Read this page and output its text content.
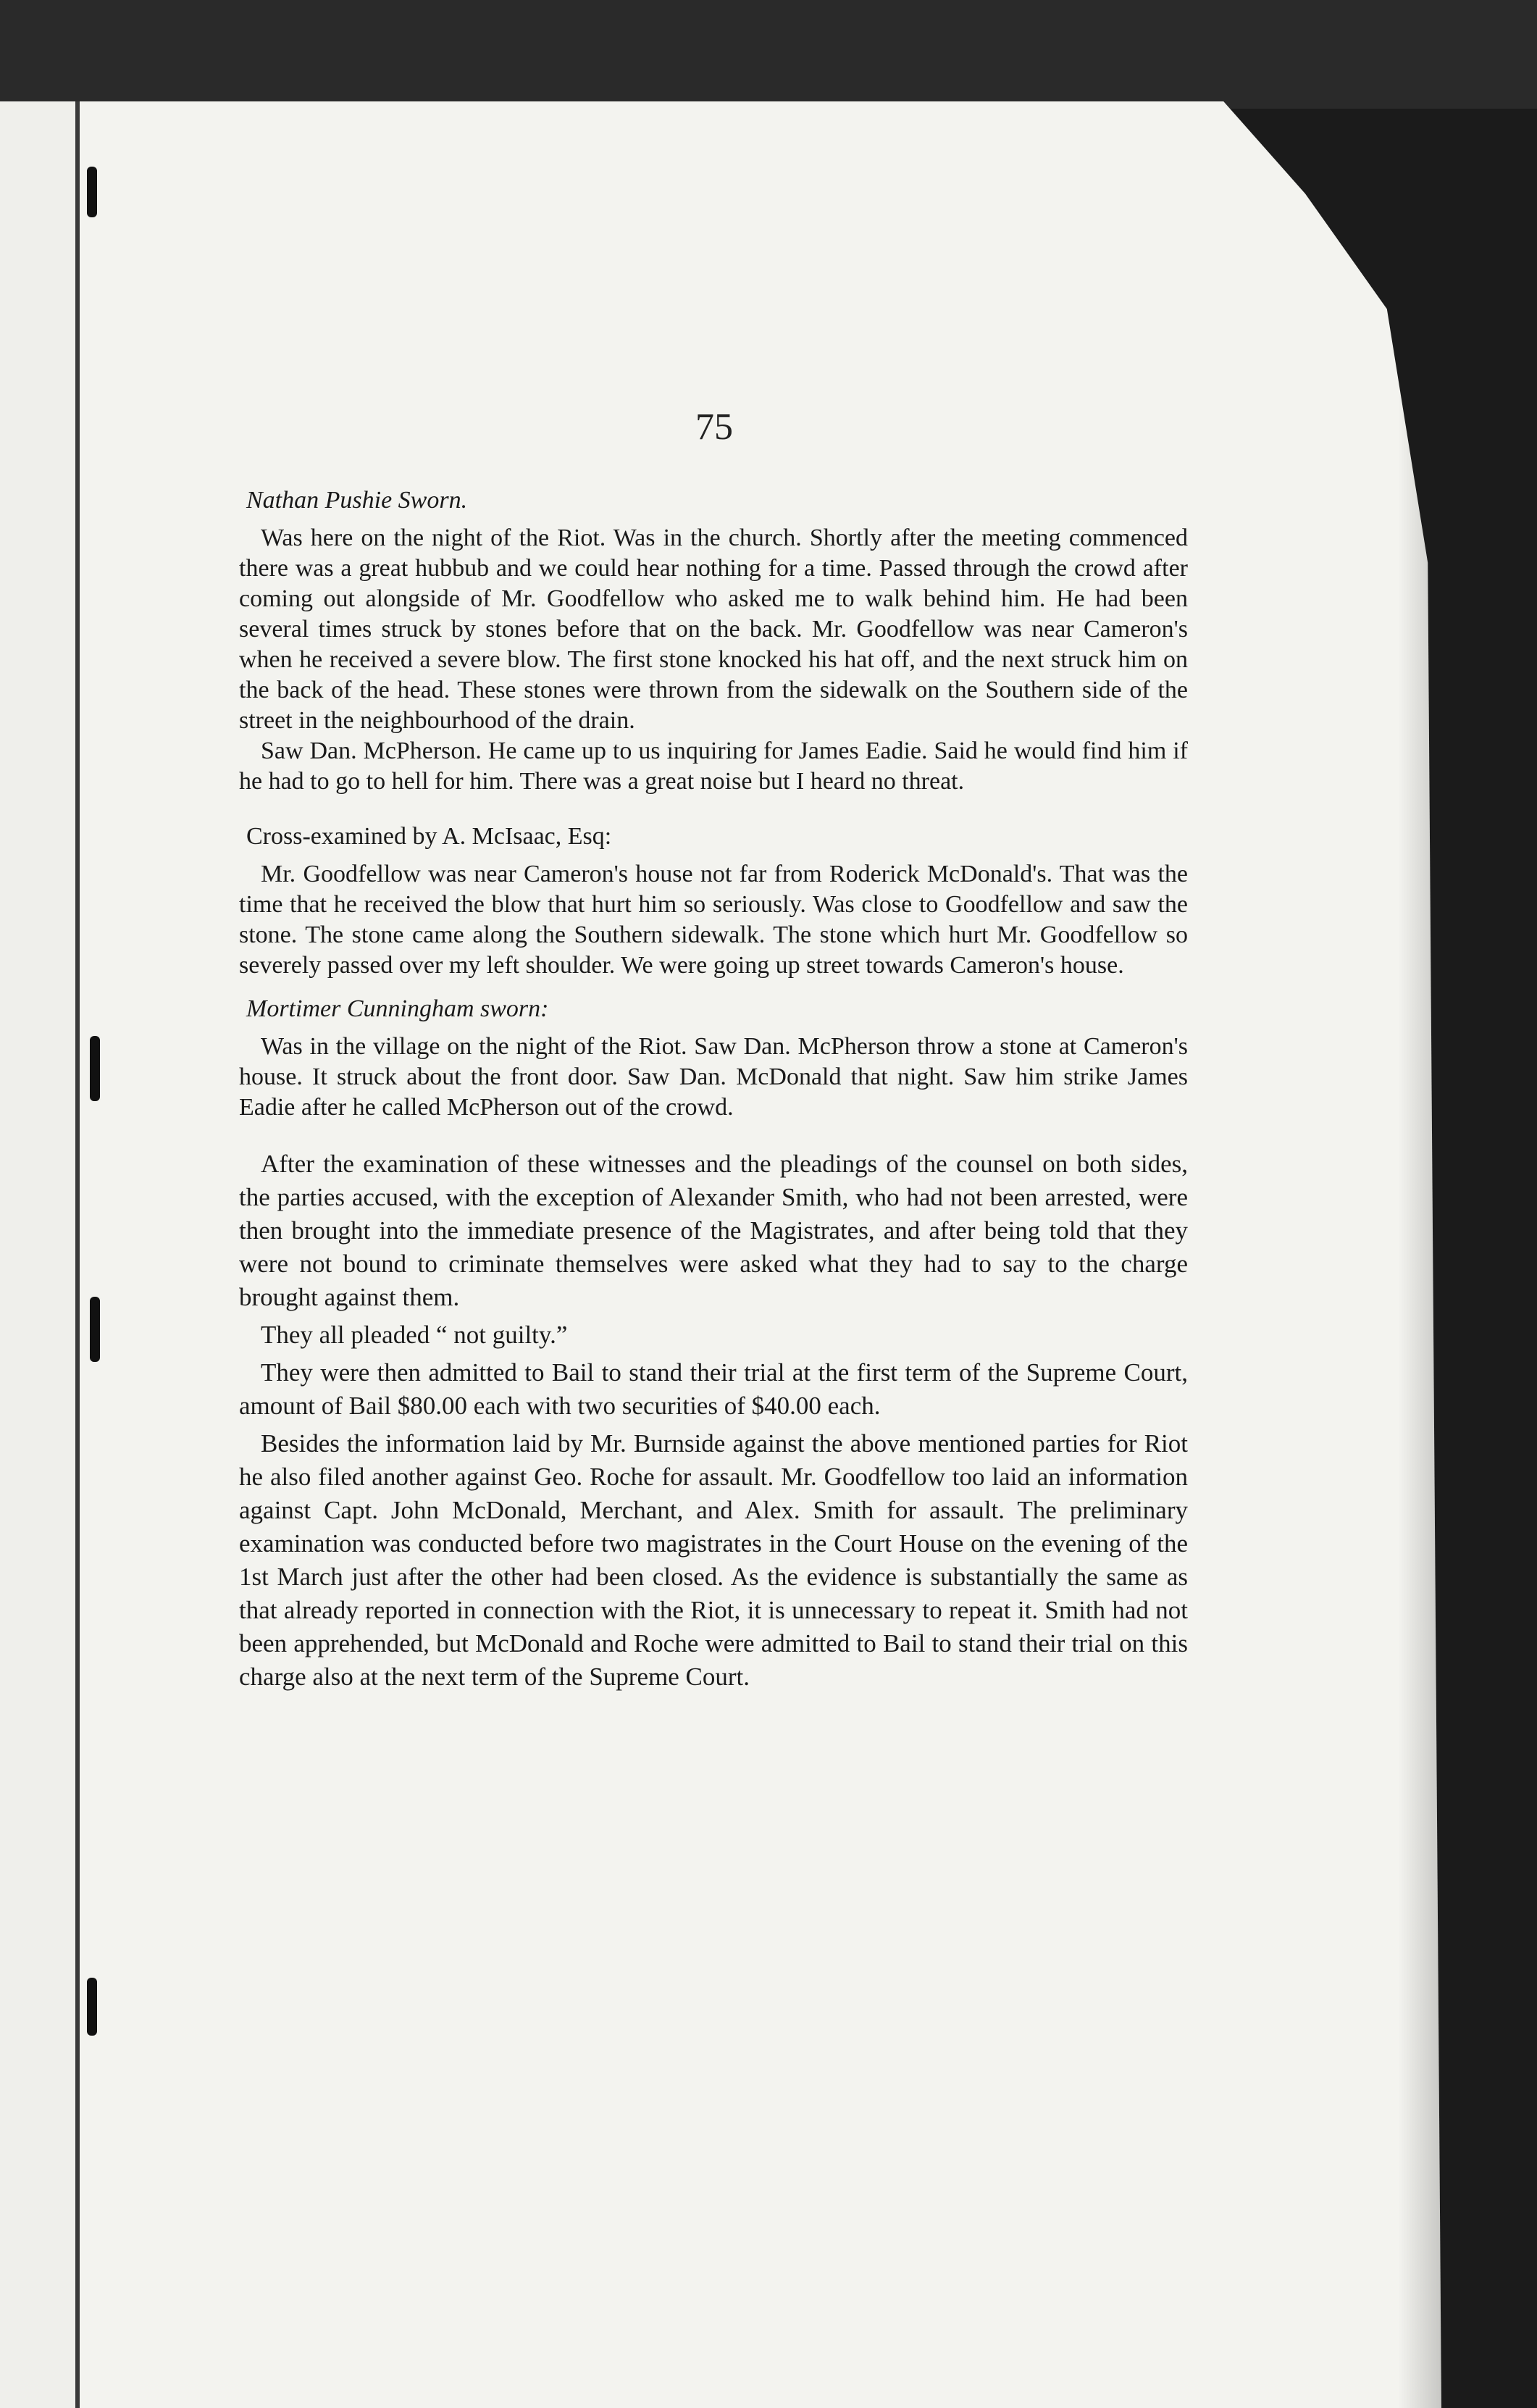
75

Nathan Pushie Sworn.

Was here on the night of the Riot. Was in the church. Shortly after the meeting commenced there was a great hubbub and we could hear nothing for a time. Passed through the crowd after coming out alongside of Mr. Goodfellow who asked me to walk behind him. He had been several times struck by stones before that on the back. Mr. Goodfellow was near Cameron's when he received a severe blow. The first stone knocked his hat off, and the next struck him on the back of the head. These stones were thrown from the sidewalk on the Southern side of the street in the neighbourhood of the drain.

Saw Dan. McPherson. He came up to us inquiring for James Eadie. Said he would find him if he had to go to hell for him. There was a great noise but I heard no threat.

Cross-examined by A. McIsaac, Esq:

Mr. Goodfellow was near Cameron's house not far from Roderick McDonald's. That was the time that he received the blow that hurt him so seriously. Was close to Goodfellow and saw the stone. The stone came along the Southern sidewalk. The stone which hurt Mr. Goodfellow so severely passed over my left shoulder. We were going up street towards Cameron's house.

Mortimer Cunningham sworn:

Was in the village on the night of the Riot. Saw Dan. McPherson throw a stone at Cameron's house. It struck about the front door. Saw Dan. McDonald that night. Saw him strike James Eadie after he called McPherson out of the crowd.

After the examination of these witnesses and the pleadings of the counsel on both sides, the parties accused, with the exception of Alexander Smith, who had not been arrested, were then brought into the immediate presence of the Magistrates, and after being told that they were not bound to criminate themselves were asked what they had to say to the charge brought against them.

They all pleaded “ not guilty.”

They were then admitted to Bail to stand their trial at the first term of the Supreme Court, amount of Bail $80.00 each with two securities of $40.00 each.

Besides the information laid by Mr. Burnside against the above mentioned parties for Riot he also filed another against Geo. Roche for assault. Mr. Goodfellow too laid an information against Capt. John McDonald, Merchant, and Alex. Smith for assault. The preliminary examination was conducted before two magistrates in the Court House on the evening of the 1st March just after the other had been closed. As the evidence is substantially the same as that already reported in connection with the Riot, it is unnecessary to repeat it. Smith had not been apprehended, but McDonald and Roche were admitted to Bail to stand their trial on this charge also at the next term of the Supreme Court.
